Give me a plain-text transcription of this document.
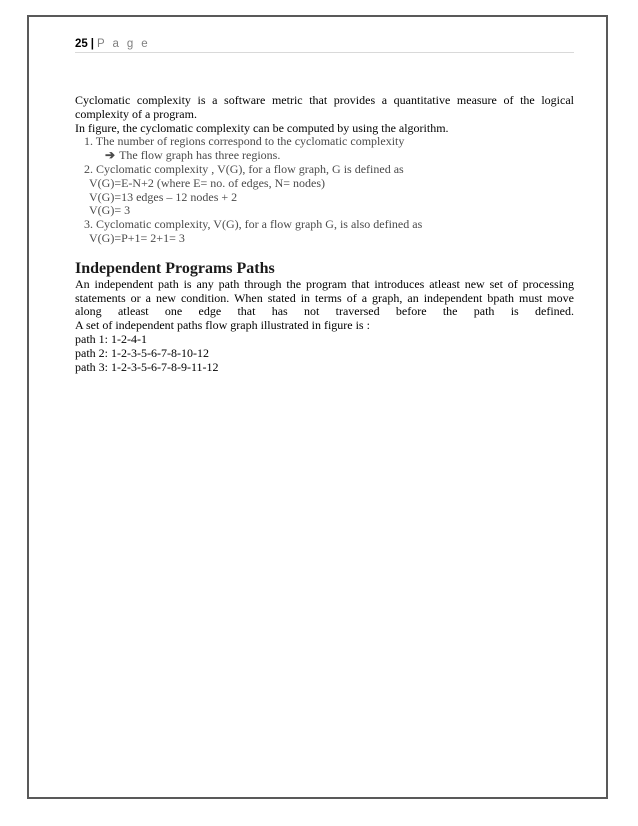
25 | P a g e
Cyclomatic complexity is a software metric that provides a quantitative measure of the logical complexity of a program.
In figure, the cyclomatic complexity can be computed by using the algorithm.
1. The number of regions correspond to the cyclomatic complexity
➔ The flow graph has three regions.
2. Cyclomatic complexity , V(G), for a flow graph, G is defined as
V(G)=E-N+2 (where E= no. of edges, N= nodes)
V(G)=13 edges – 12 nodes + 2
V(G)= 3
3. Cyclomatic complexity, V(G), for a flow graph G, is also defined as
V(G)=P+1= 2+1= 3
Independent Programs Paths
An independent path is any path through the program that introduces atleast new set of processing
statements or a new condition. When stated in terms of a graph, an independent bpath must move
along atleast one edge that has not traversed before the path is defined.
A set of independent paths flow graph illustrated in figure is :
path 1: 1-2-4-1
path 2: 1-2-3-5-6-7-8-10-12
path 3: 1-2-3-5-6-7-8-9-11-12
